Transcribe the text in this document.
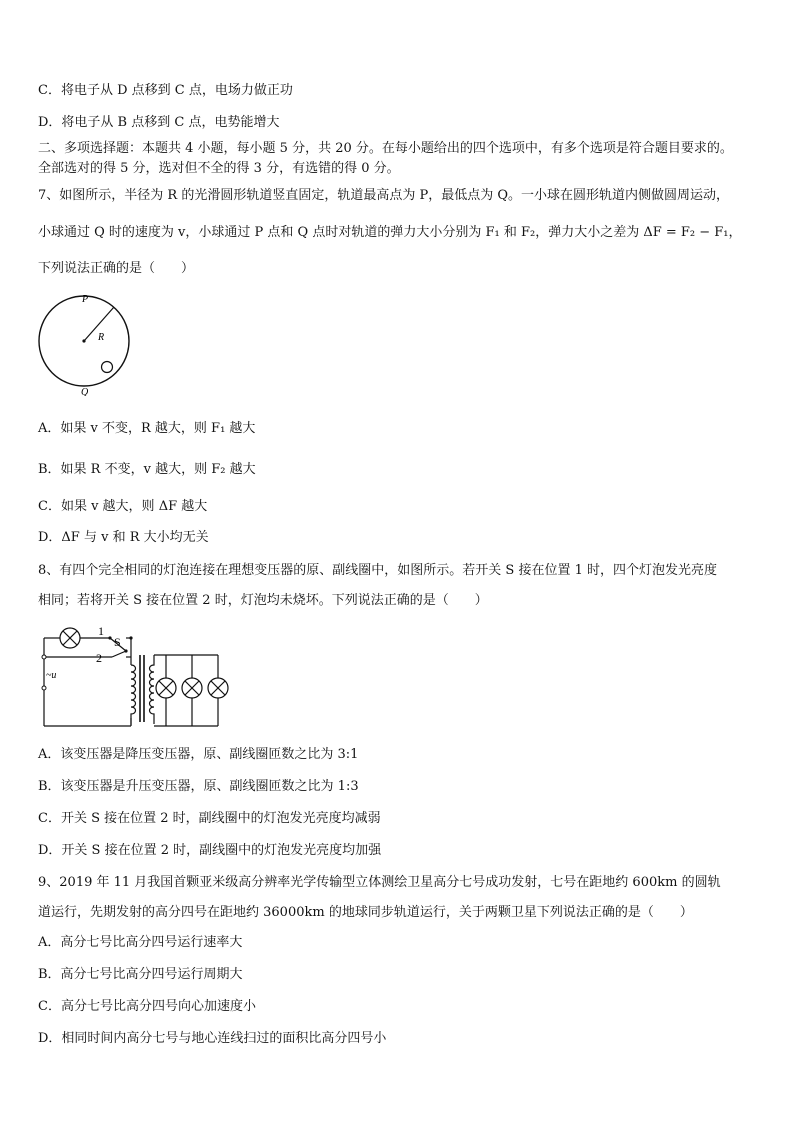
C．将电子从 D 点移到 C 点，电场力做正功
D．将电子从 B 点移到 C 点，电势能增大
二、多项选择题：本题共 4 小题，每小题 5 分，共 20 分。在每小题给出的四个选项中，有多个选项是符合题目要求的。
全部选对的得 5 分，选对但不全的得 3 分，有选错的得 0 分。
7、如图所示，半径为 R 的光滑圆形轨道竖直固定，轨道最高点为 P，最低点为 Q。一小球在圆形轨道内侧做圆周运动，
小球通过 Q 时的速度为 v，小球通过 P 点和 Q 点时对轨道的弹力大小分别为 F₁ 和 F₂，弹力大小之差为 ΔF = F₂ − F₁，
下列说法正确的是（　　）
P
R
Q
A．如果 v 不变，R 越大，则 F₁ 越大
B．如果 R 不变，v 越大，则 F₂ 越大
C．如果 v 越大，则 ΔF 越大
D．ΔF 与 v 和 R 大小均无关
8、有四个完全相同的灯泡连接在理想变压器的原、副线圈中，如图所示。若开关 S 接在位置 1 时，四个灯泡发光亮度
相同；若将开关 S 接在位置 2 时，灯泡均未烧坏。下列说法正确的是（　　）
1
2
S
~u
A．该变压器是降压变压器，原、副线圈匝数之比为 3:1
B．该变压器是升压变压器，原、副线圈匝数之比为 1:3
C．开关 S 接在位置 2 时，副线圈中的灯泡发光亮度均减弱
D．开关 S 接在位置 2 时，副线圈中的灯泡发光亮度均加强
9、2019 年 11 月我国首颗亚米级高分辨率光学传输型立体测绘卫星高分七号成功发射，七号在距地约 600km 的圆轨
道运行，先期发射的高分四号在距地约 36000km 的地球同步轨道运行，关于两颗卫星下列说法正确的是（　　）
A．高分七号比高分四号运行速率大
B．高分七号比高分四号运行周期大
C．高分七号比高分四号向心加速度小
D．相同时间内高分七号与地心连线扫过的面积比高分四号小
